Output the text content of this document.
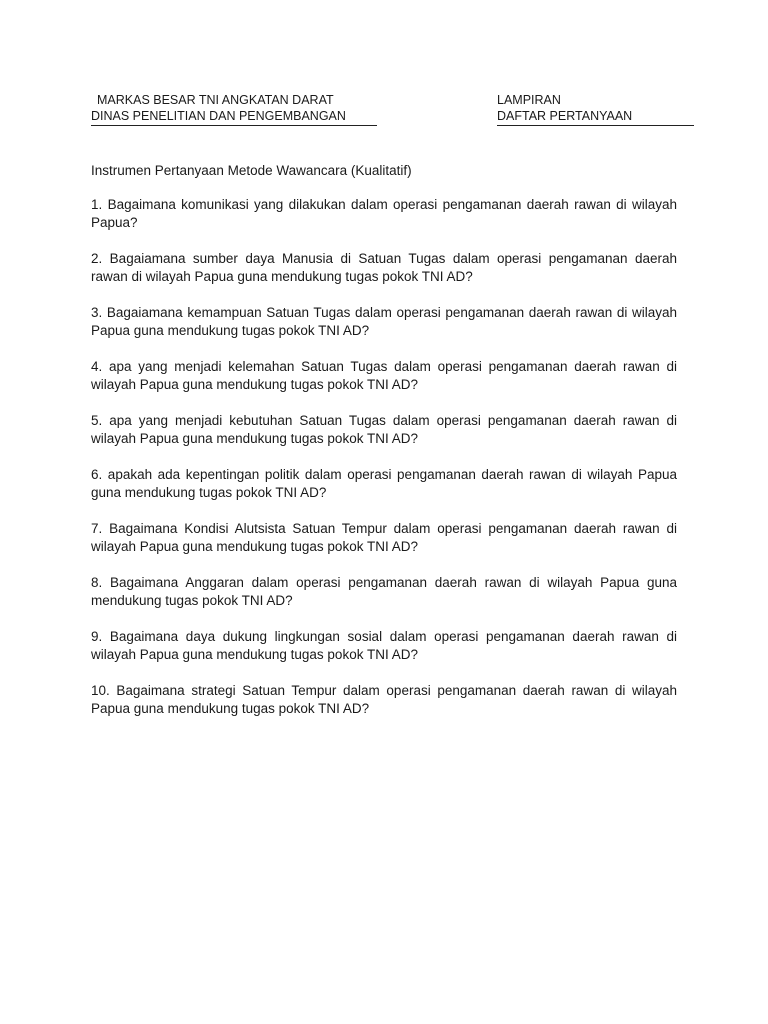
MARKAS BESAR TNI ANGKATAN DARAT
DINAS PENELITIAN DAN PENGEMBANGAN
LAMPIRAN
DAFTAR PERTANYAAN

Instrumen Pertanyaan Metode Wawancara (Kualitatif)

1. Bagaimana komunikasi yang dilakukan dalam operasi pengamanan daerah rawan di wilayah Papua?

2. Bagaiamana sumber daya Manusia di Satuan Tugas dalam operasi pengamanan daerah rawan di wilayah Papua guna mendukung tugas pokok TNI AD?

3. Bagaiamana kemampuan Satuan Tugas dalam operasi pengamanan daerah rawan di wilayah Papua guna mendukung tugas pokok TNI AD?

4. apa yang menjadi kelemahan Satuan Tugas dalam operasi pengamanan daerah rawan di wilayah Papua guna mendukung tugas pokok TNI AD?

5. apa yang menjadi kebutuhan Satuan Tugas dalam operasi pengamanan daerah rawan di wilayah Papua guna mendukung tugas pokok TNI AD?

6. apakah ada kepentingan politik dalam operasi pengamanan daerah rawan di wilayah Papua guna mendukung tugas pokok TNI AD?

7. Bagaimana Kondisi Alutsista Satuan Tempur dalam operasi pengamanan daerah rawan di wilayah Papua guna mendukung tugas pokok TNI AD?

8. Bagaimana Anggaran dalam operasi pengamanan daerah rawan di wilayah Papua guna mendukung tugas pokok TNI AD?

9. Bagaimana daya dukung lingkungan sosial dalam operasi pengamanan daerah rawan di wilayah Papua guna mendukung tugas pokok TNI AD?

10. Bagaimana strategi Satuan Tempur dalam operasi pengamanan daerah rawan di wilayah Papua guna mendukung tugas pokok TNI AD?
